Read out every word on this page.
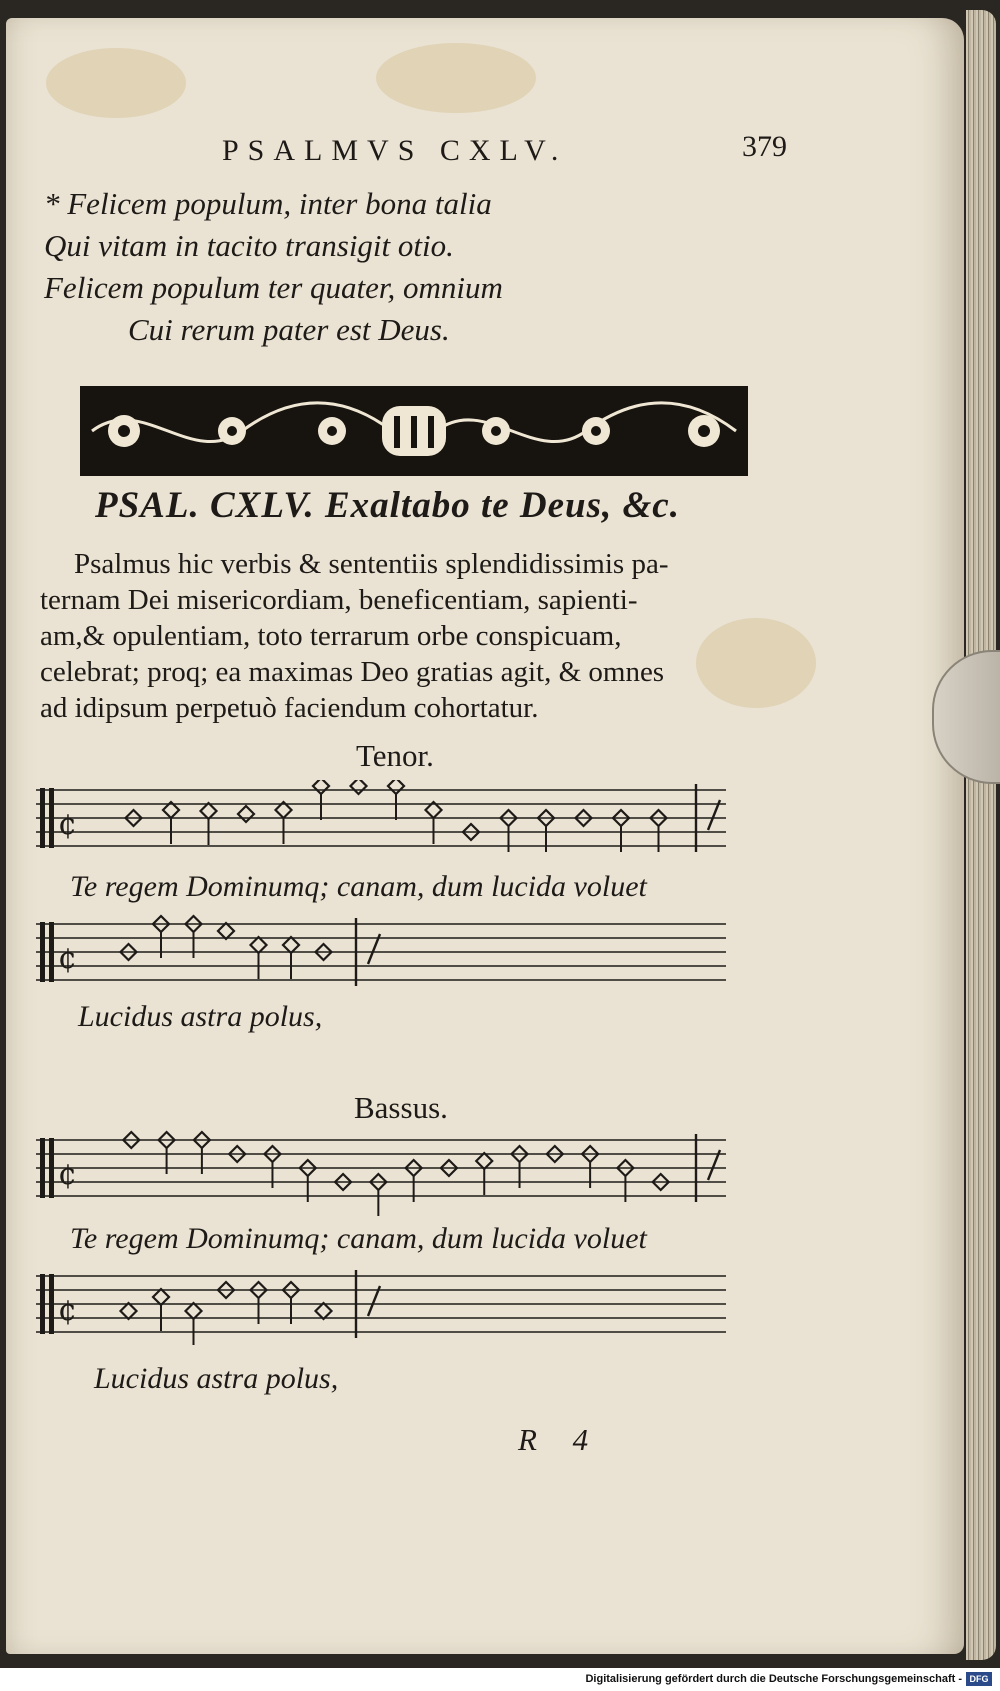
PSALMVS CXLV.	379
* Felicem populum, inter bona talia
Qui vitam in tacito transigit otio.
Felicem populum ter quater, omnium
Cui rerum pater est Deus.
PSAL. CXLV. Exaltabo te Deus, &c.
Psalmus hic verbis & sententiis splendidissimis pa-
ternam Dei misericordiam, beneficentiam, sapienti-
am,& opulentiam, toto terrarum orbe conspicuam,
celebrat; proq; ea maximas Deo gratias agit, & omnes
ad idipsum perpetuò faciendum cohortatur.
Tenor.
¢
Te regem Dominumq; canam, dum lucida voluet
¢
Lucidus astra polus,
Bassus.
¢
Te regem Dominumq; canam, dum lucida voluet
¢
Lucidus astra polus,
R 4
Digitalisierung gefördert durch die Deutsche Forschungsgemeinschaft - DFG
